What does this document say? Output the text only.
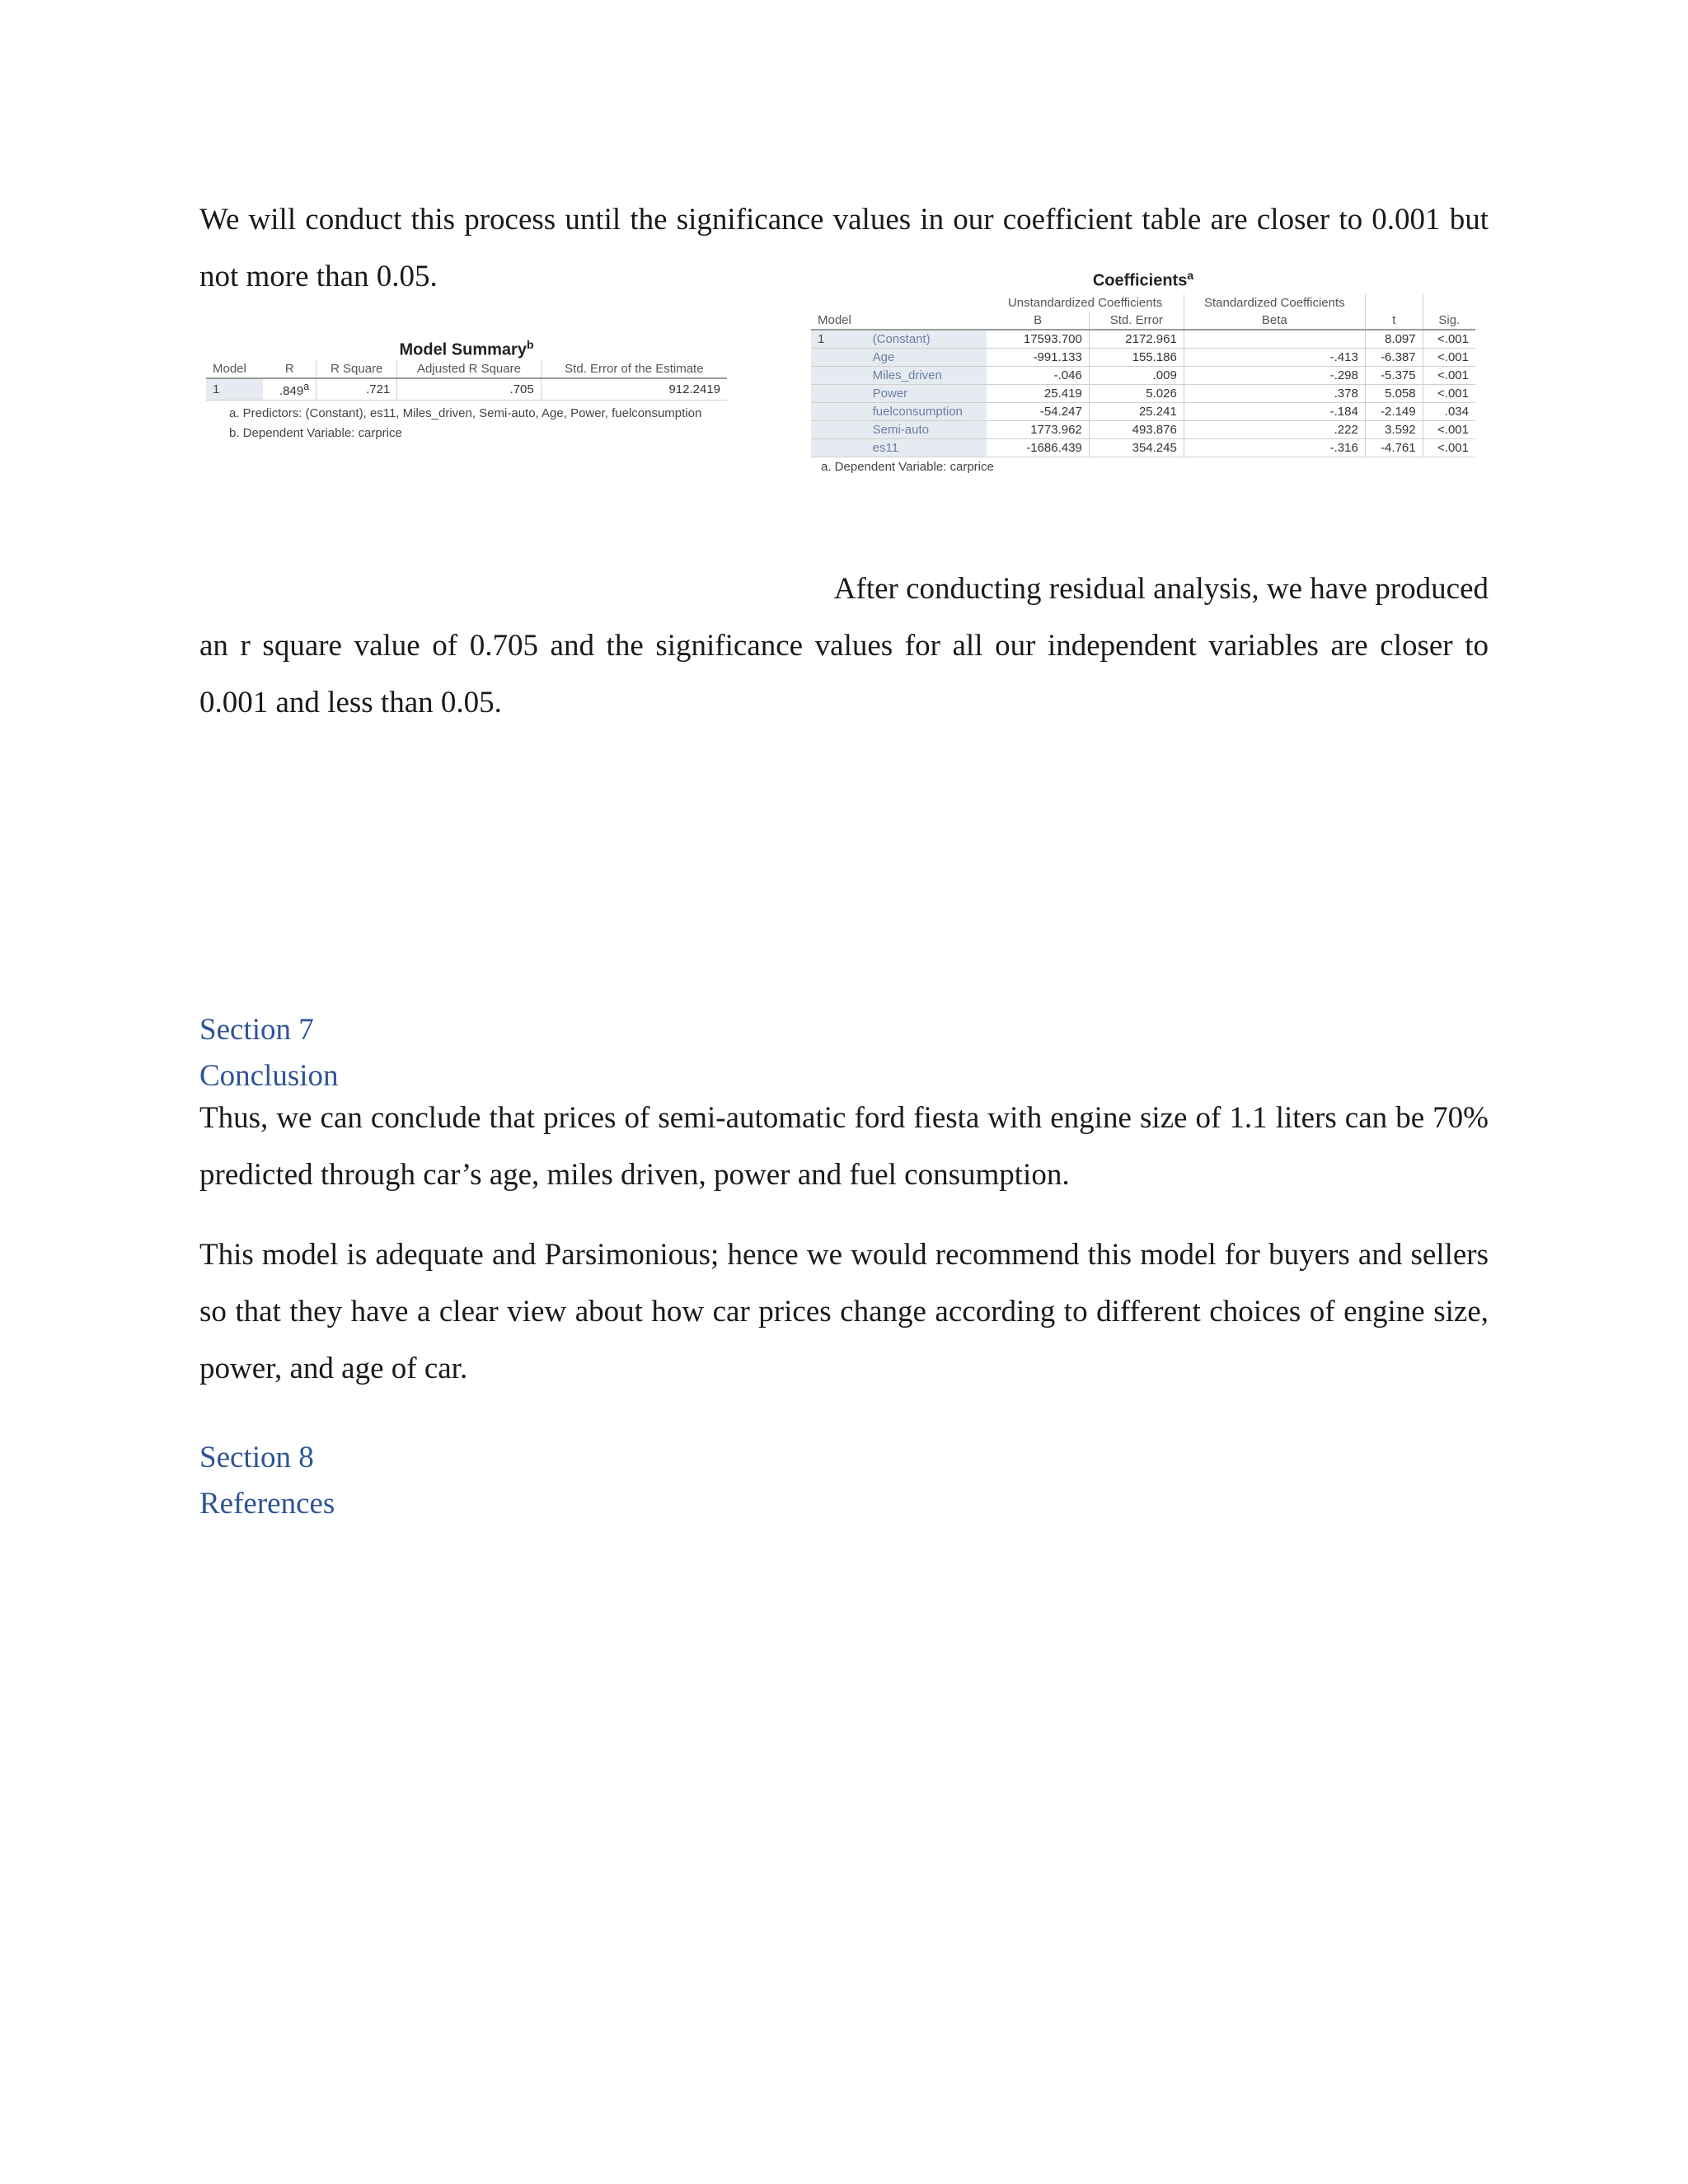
We will conduct this process until the significance values in our coefficient table are closer to 0.001 but not more than 0.05.

Model Summary$^b$
Model	R	R Square	Adjusted R Square	Std. Error of the Estimate
1	.849$^a$	.721	.705	912.2419
a. Predictors: (Constant), es11, Miles_driven, Semi-auto, Age, Power, fuelconsumption
b. Dependent Variable: carprice
Coefficients$^a$
		Unstandardized Coefficients		Standardized Coefficients		
Model		B	Std. Error	Beta	t	Sig.
1	(Constant)	17593.700	2172.961		8.097	<.001
	Age	-991.133	155.186	-.413	-6.387	<.001
	Miles_driven	-.046	.009	-.298	-5.375	<.001
	Power	25.419	5.026	.378	5.058	<.001
	fuelconsumption	-54.247	25.241	-.184	-2.149	.034
	Semi-auto	1773.962	493.876	.222	3.592	<.001
	es11	-1686.439	354.245	-.316	-4.761	<.001
a. Dependent Variable: carprice

After conducting residual analysis, we have produced

an r square value of 0.705 and the significance values for all our independent variables are closer to 0.001 and less than 0.05.

Section 7
Conclusion

Thus, we can conclude that prices of semi-automatic ford fiesta with engine size of 1.1 liters can be 70% predicted through car’s age, miles driven, power and fuel consumption.

This model is adequate and Parsimonious; hence we would recommend this model for buyers and sellers so that they have a clear view about how car prices change according to different choices of engine size, power, and age of car.

Section 8
References
